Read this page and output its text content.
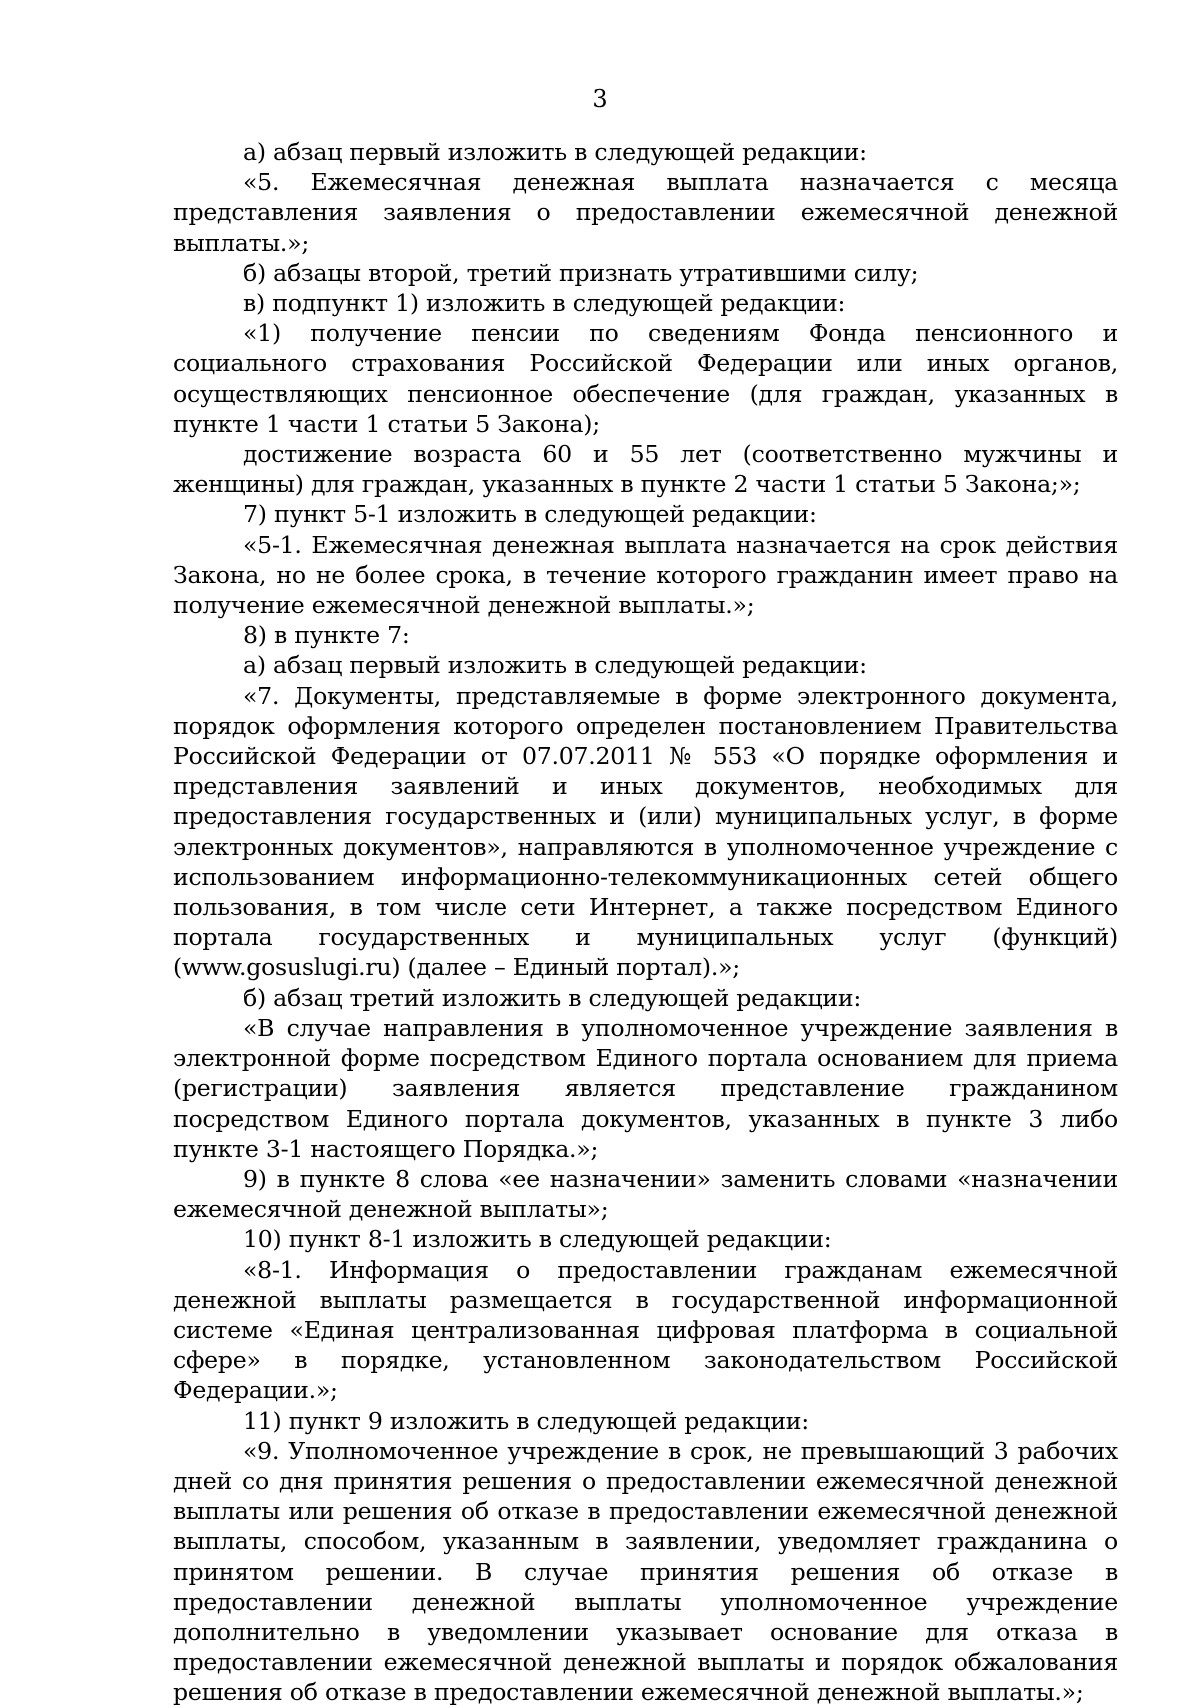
3

а) абзац первый изложить в следующей редакции:

«5. Ежемесячная денежная выплата назначается с месяца представления заявления о предоставлении ежемесячной денежной выплаты.»;

б) абзацы второй, третий признать утратившими силу;

в) подпункт 1) изложить в следующей редакции:

«1) получение пенсии по сведениям Фонда пенсионного и социального страхования Российской Федерации или иных органов, осуществляющих пенсионное обеспечение (для граждан, указанных в пункте 1 части 1 статьи 5 Закона);

достижение возраста 60 и 55 лет (соответственно мужчины и женщины) для граждан, указанных в пункте 2 части 1 статьи 5 Закона;»;

7) пункт 5-1 изложить в следующей редакции:

«5-1. Ежемесячная денежная выплата назначается на срок действия Закона, но не более срока, в течение которого гражданин имеет право на получение ежемесячной денежной выплаты.»;

8) в пункте 7:

а) абзац первый изложить в следующей редакции:

«7. Документы, представляемые в форме электронного документа, порядок оформления которого определен постановлением Правительства Российской Федерации от 07.07.2011 № 553 «О порядке оформления и представления заявлений и иных документов, необходимых для предоставления государственных и (или) муниципальных услуг, в форме электронных документов», направляются в уполномоченное учреждение с использованием информационно-телекоммуникационных сетей общего пользования, в том числе сети Интернет, а также посредством Единого портала государственных и муниципальных услуг (функций) (www.gosuslugi.ru) (далее – Единый портал).»;

б) абзац третий изложить в следующей редакции:

«В случае направления в уполномоченное учреждение заявления в электронной форме посредством Единого портала основанием для приема (регистрации) заявления является представление гражданином посредством Единого портала документов, указанных в пункте 3 либо пункте 3-1 настоящего Порядка.»;

9) в пункте 8 слова «ее назначении» заменить словами «назначении ежемесячной денежной выплаты»;

10) пункт 8-1 изложить в следующей редакции:

«8-1. Информация о предоставлении гражданам ежемесячной денежной выплаты размещается в государственной информационной системе «Единая централизованная цифровая платформа в социальной сфере» в порядке, установленном законодательством Российской Федерации.»;

11) пункт 9 изложить в следующей редакции:

«9. Уполномоченное учреждение в срок, не превышающий 3 рабочих дней со дня принятия решения о предоставлении ежемесячной денежной выплаты или решения об отказе в предоставлении ежемесячной денежной выплаты, способом, указанным в заявлении, уведомляет гражданина о принятом решении. В случае принятия решения об отказе в предоставлении денежной выплаты уполномоченное учреждение дополнительно в уведомлении указывает основание для отказа в предоставлении ежемесячной денежной выплаты и порядок обжалования решения об отказе в предоставлении ежемесячной денежной выплаты.»;
